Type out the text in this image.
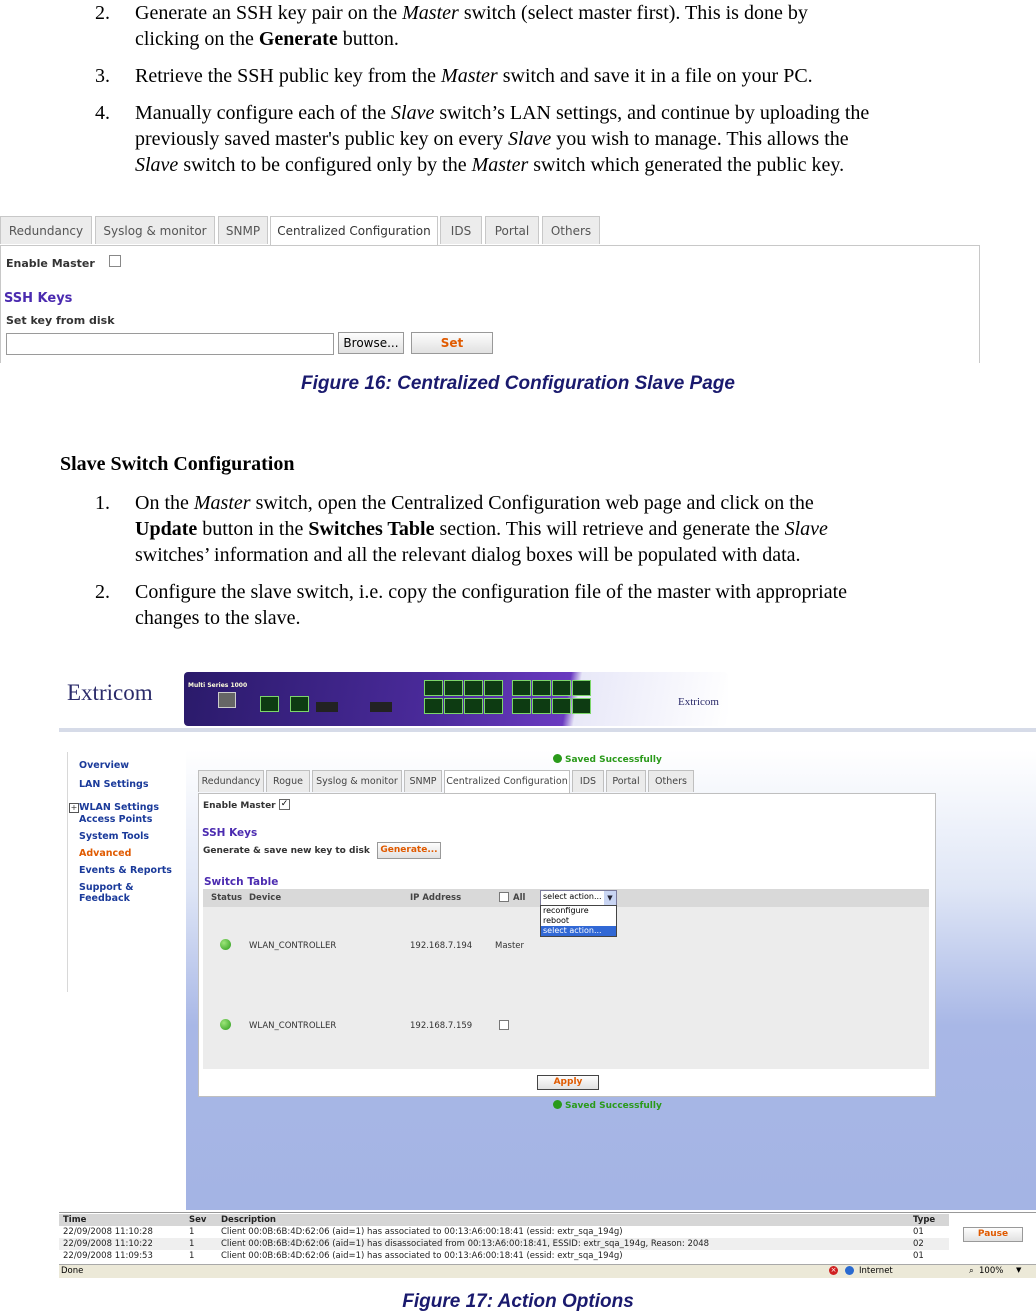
2. Generate an SSH key pair on the Master switch (select master first). This is done by
clicking on the Generate button.
3. Retrieve the SSH public key from the Master switch and save it in a file on your PC.
4. Manually configure each of the Slave switch’s LAN settings, and continue by uploading the
previously saved master's public key on every Slave you wish to manage. This allows the
Slave switch to be configured only by the Master switch which generated the public key.
Redundancy	Syslog & monitor	SNMP	Centralized Configuration	IDS	Portal	Others
Enable Master
SSH Keys
Set key from disk
Browse...	Set
Figure 16: Centralized Configuration Slave Page
Slave Switch Configuration
1. On the Master switch, open the Centralized Configuration web page and click on the
Update button in the Switches Table section. This will retrieve and generate the Slave
switches’ information and all the relevant dialog boxes will be populated with data.
2. Configure the slave switch, i.e. copy the configuration file of the master with appropriate
changes to the slave.
Extricom	Multi Series 1000
Extricom
Overview
LAN Settings
+ WLAN Settings
Access Points
System Tools
Advanced
Events & Reports
Support & Feedback
Saved Successfully
Redundancy	Rogue	Syslog & monitor	SNMP	Centralized Configuration	IDS	Portal	Others
Enable Master ✓
SSH Keys
Generate & save new key to disk	Generate...
Switch Table
Status Device	IP Address	All select action... ▼
reconfigure
reboot
select action...
WLAN_CONTROLLER	192.168.7.194	Master
WLAN_CONTROLLER	192.168.7.159
Apply
Saved Successfully
Time	Sev	Description	Type
22/09/2008 11:10:28	1	Client 00:0B:6B:4D:62:06 (aid=1) has associated to 00:13:A6:00:18:41 (essid: extr_sqa_194g)	01
22/09/2008 11:10:22	1	Client 00:0B:6B:4D:62:06 (aid=1) has disassociated from 00:13:A6:00:18:41, ESSID: extr_sqa_194g, Reason: 2048	02
22/09/2008 11:09:53	1	Client 00:0B:6B:4D:62:06 (aid=1) has associated to 00:13:A6:00:18:41 (essid: extr_sqa_194g)	01
Pause
Done	×	Internet	⌕ 100% ▼
Figure 17: Action Options
